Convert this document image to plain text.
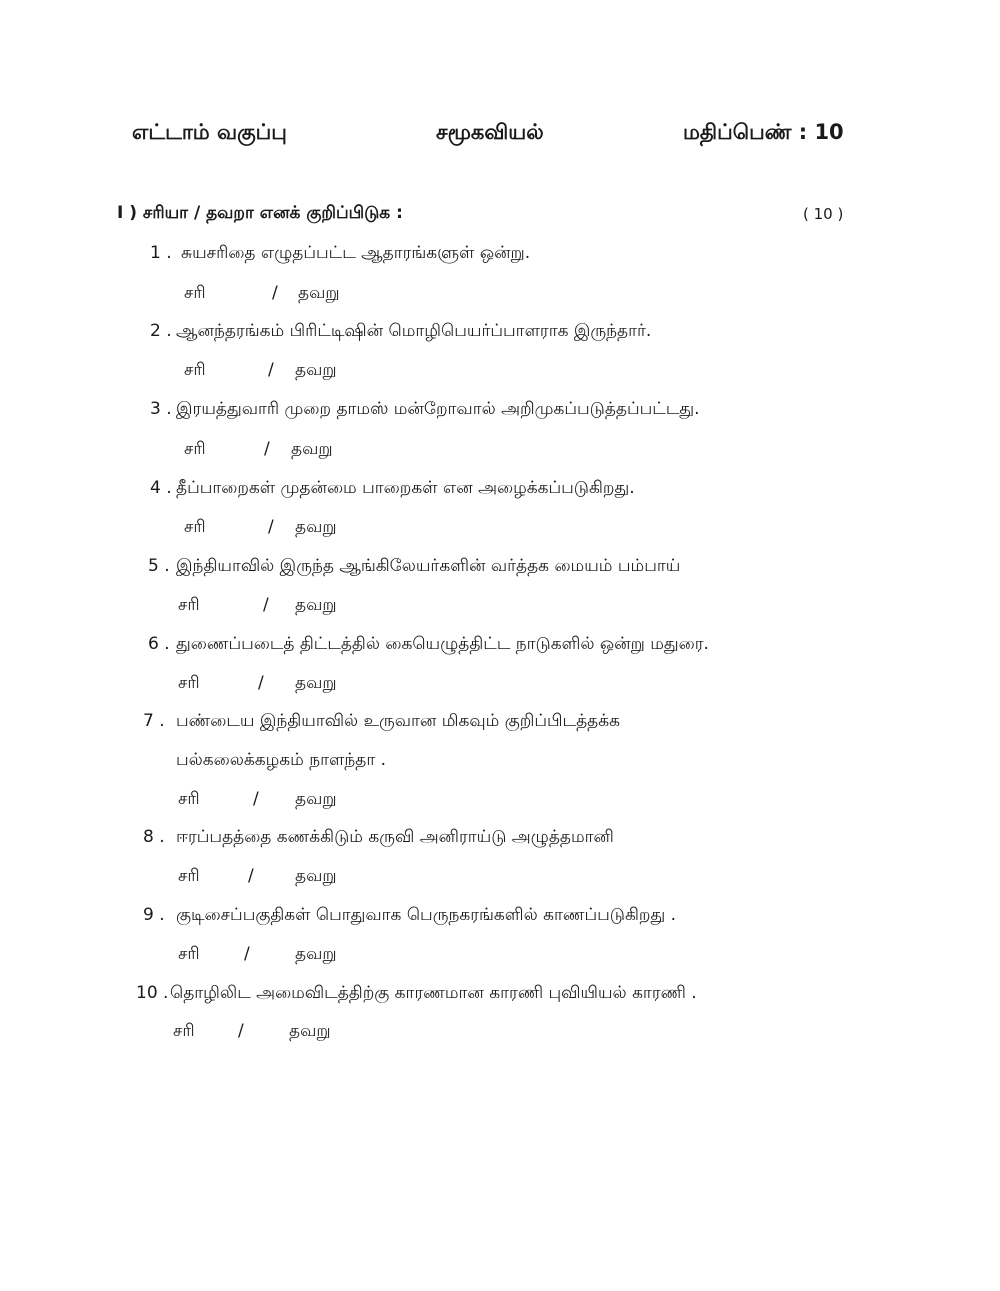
எட்டாம் வகுப்பு	சமூகவியல்	மதிப்பெண் : 10
I ) சரியா / தவறா எனக் குறிப்பிடுக :	( 10 )
1 . சுயசரிதை எழுதப்பட்ட ஆதாரங்களுள் ஒன்று.
சரி	/ தவறு
2 . ஆனந்தரங்கம் பிரிட்டிஷின் மொழிபெயர்ப்பாளராக இருந்தார்.
சரி	/ தவறு
3 . இரயத்துவாரி முறை தாமஸ் மன்றோவால் அறிமுகப்படுத்தப்பட்டது.
சரி	/ தவறு
4 . தீப்பாறைகள் முதன்மை பாறைகள் என அழைக்கப்படுகிறது.
சரி	/ தவறு
5 . இந்தியாவில் இருந்த ஆங்கிலேயர்களின் வர்த்தக மையம் பம்பாய்
சரி	/ தவறு
6 . துணைப்படைத் திட்டத்தில் கையெழுத்திட்ட நாடுகளில் ஒன்று மதுரை.
சரி	/ தவறு
7 . பண்டைய இந்தியாவில் உருவான மிகவும் குறிப்பிடத்தக்க
பல்கலைக்கழகம் நாளந்தா .
சரி	/ தவறு
8 . ஈரப்பதத்தை கணக்கிடும் கருவி அனிராய்டு அழுத்தமானி
சரி	/ தவறு
9 . குடிசைப்பகுதிகள் பொதுவாக பெருநகரங்களில் காணப்படுகிறது .
சரி	/	தவறு
10 . தொழிலிட அமைவிடத்திற்கு காரணமான காரணி புவியியல் காரணி .
சரி	/	தவறு
